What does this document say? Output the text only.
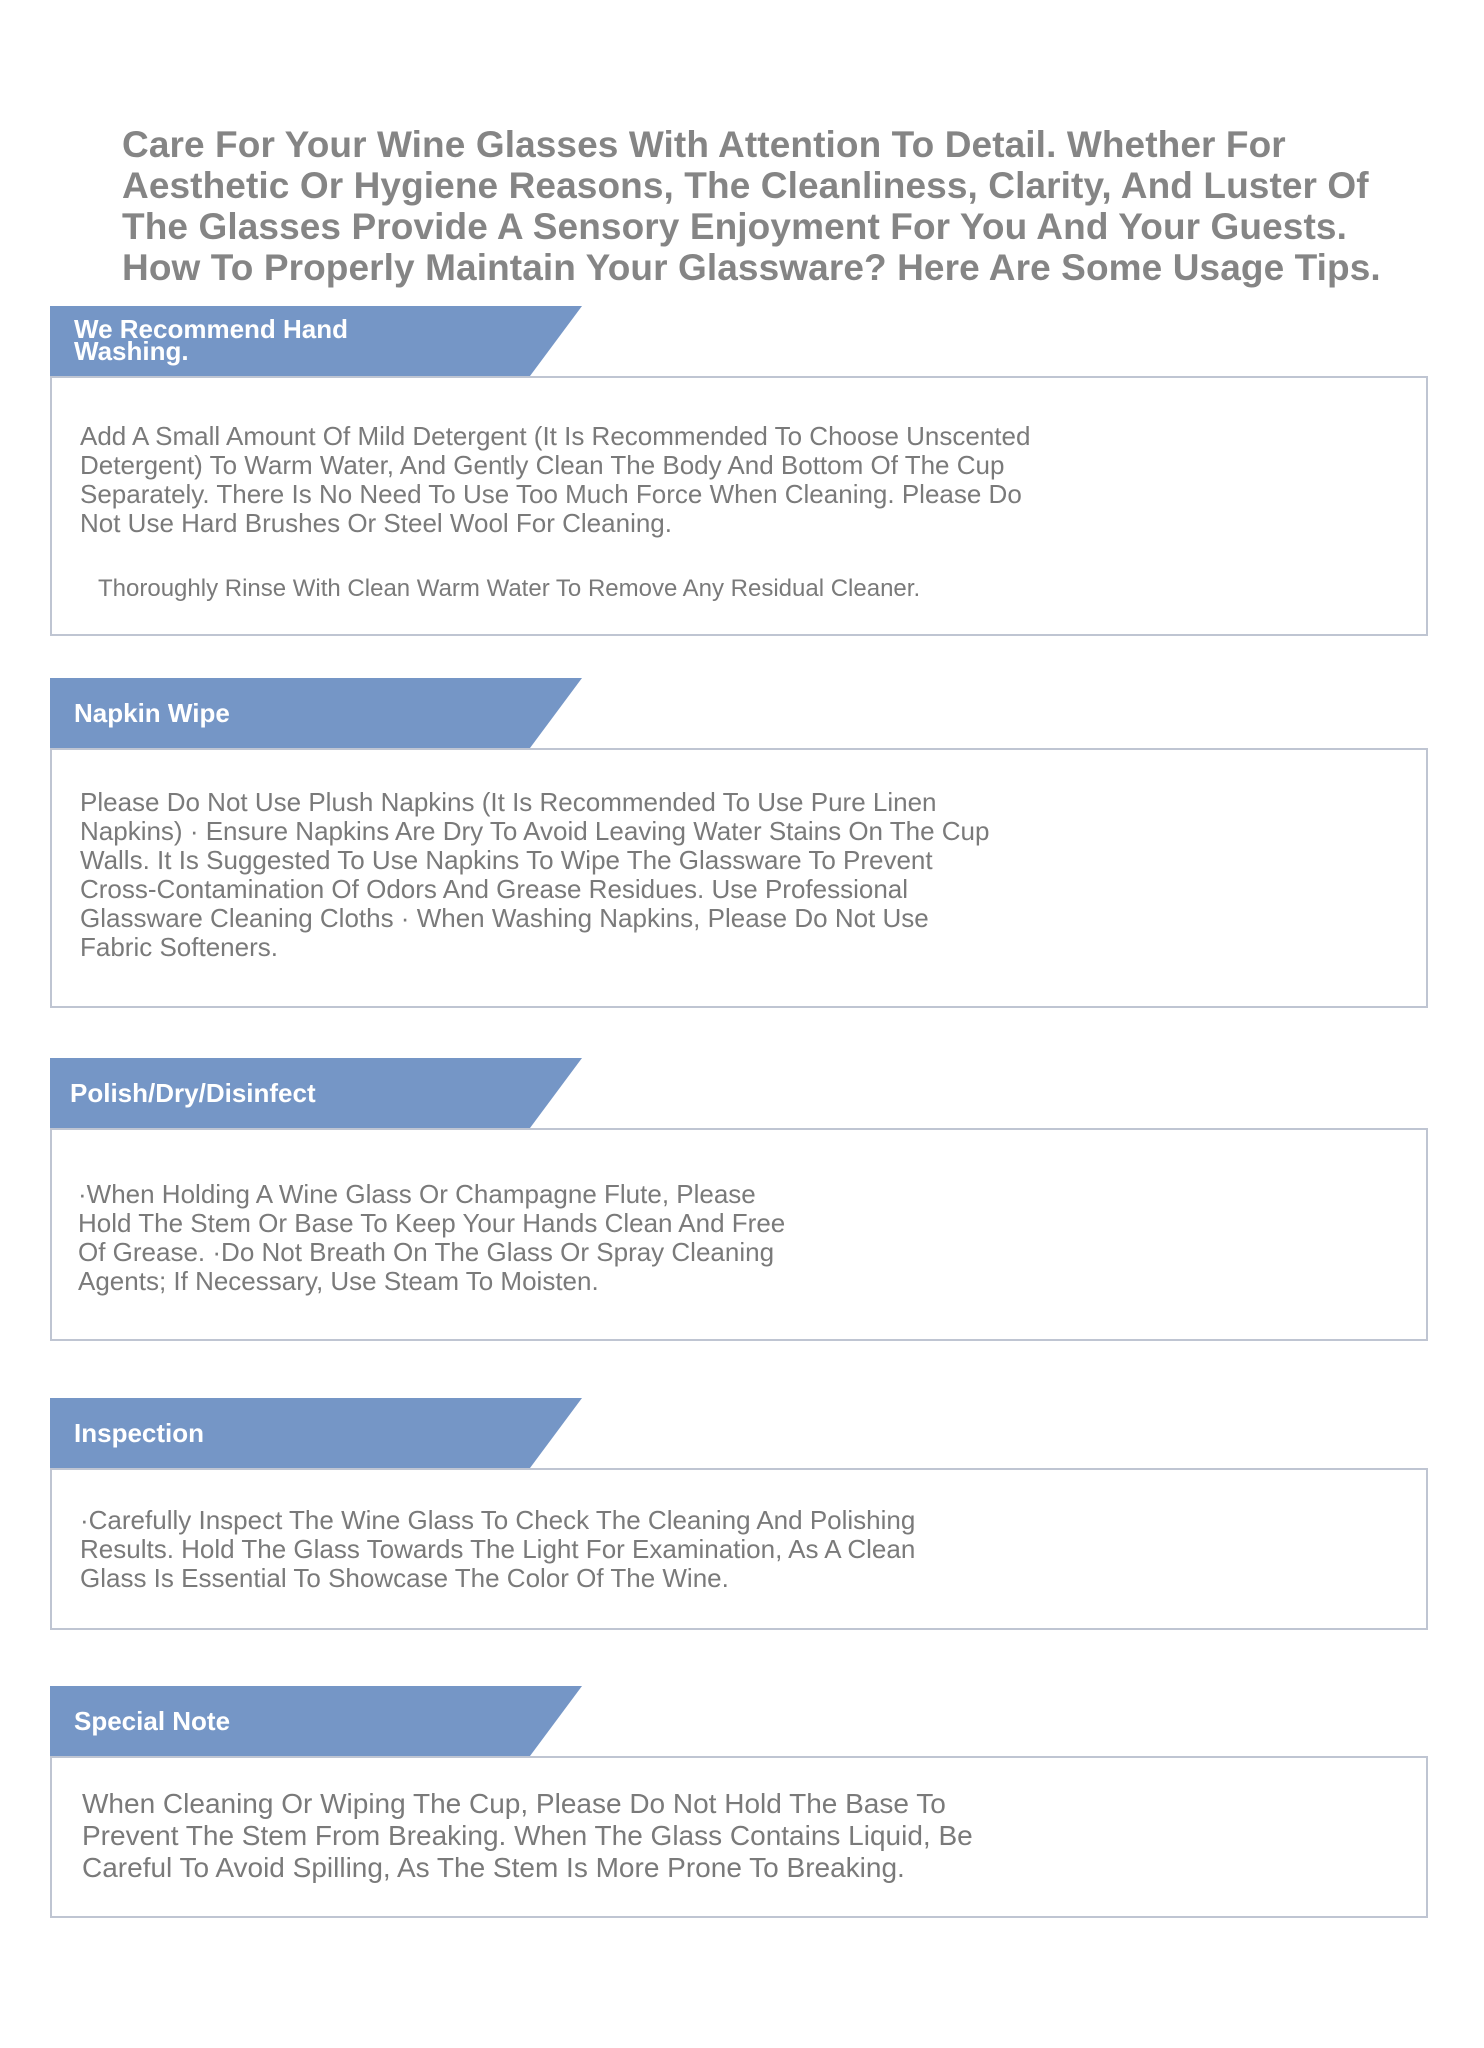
Care For Your Wine Glasses With Attention To Detail. Whether For Aesthetic Or Hygiene Reasons, The Cleanliness, Clarity, And Luster Of The Glasses Provide A Sensory Enjoyment For You And Your Guests. How To Properly Maintain Your Glassware? Here Are Some Usage Tips.

We Recommend Hand Washing.

Add A Small Amount Of Mild Detergent (It Is Recommended To Choose Unscented Detergent) To Warm Water, And Gently Clean The Body And Bottom Of The Cup Separately. There Is No Need To Use Too Much Force When Cleaning. Please Do Not Use Hard Brushes Or Steel Wool For Cleaning.

Thoroughly Rinse With Clean Warm Water To Remove Any Residual Cleaner.

Napkin Wipe

Please Do Not Use Plush Napkins (It Is Recommended To Use Pure Linen Napkins) · Ensure Napkins Are Dry To Avoid Leaving Water Stains On The Cup Walls. It Is Suggested To Use Napkins To Wipe The Glassware To Prevent Cross-Contamination Of Odors And Grease Residues. Use Professional Glassware Cleaning Cloths · When Washing Napkins, Please Do Not Use Fabric Softeners.

Polish/Dry/Disinfect

·When Holding A Wine Glass Or Champagne Flute, Please Hold The Stem Or Base To Keep Your Hands Clean And Free Of Grease. ·Do Not Breath On The Glass Or Spray Cleaning Agents; If Necessary, Use Steam To Moisten.

Inspection

·Carefully Inspect The Wine Glass To Check The Cleaning And Polishing Results. Hold The Glass Towards The Light For Examination, As A Clean Glass Is Essential To Showcase The Color Of The Wine.

Special Note

When Cleaning Or Wiping The Cup, Please Do Not Hold The Base To Prevent The Stem From Breaking. When The Glass Contains Liquid, Be Careful To Avoid Spilling, As The Stem Is More Prone To Breaking.
